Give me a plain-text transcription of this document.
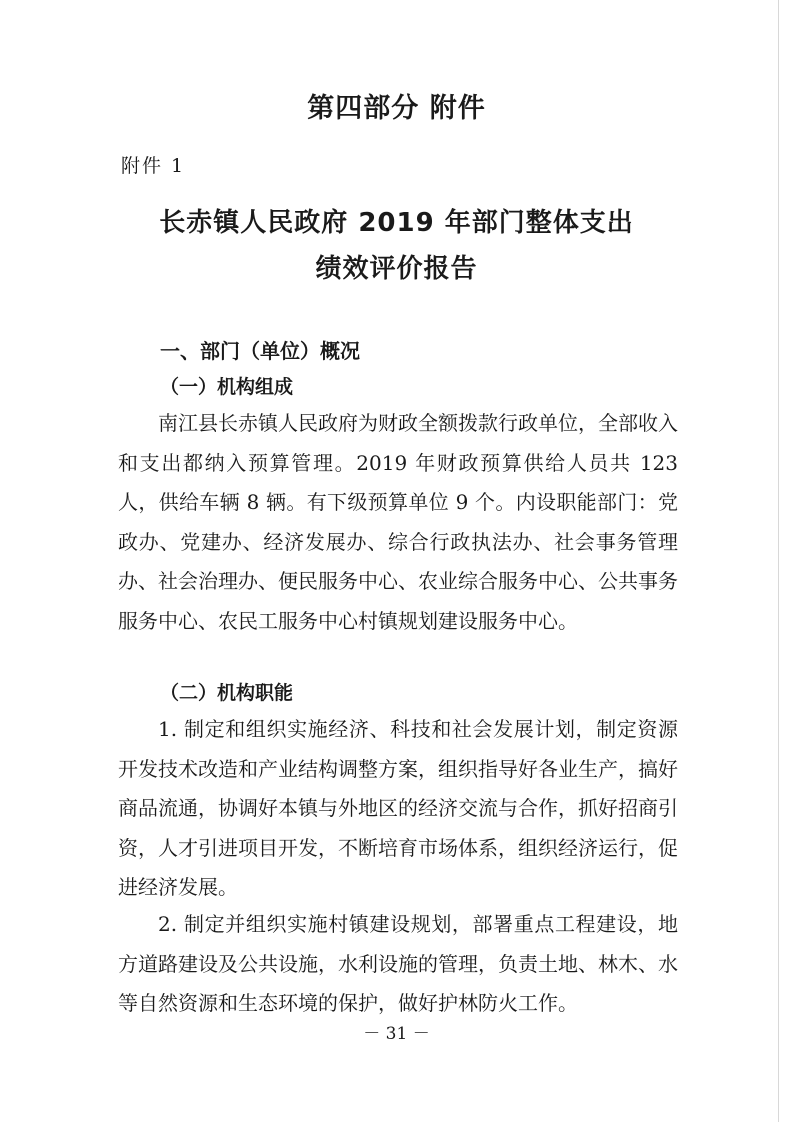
第四部分 附件
附件 1
长赤镇人民政府 2019 年部门整体支出
绩效评价报告
一、部门（单位）概况
（一）机构组成

南江县长赤镇人民政府为财政全额拨款行政单位，全部收入和支出都纳入预算管理。2019 年财政预算供给人员共 123 人，供给车辆 8 辆。有下级预算单位 9 个。内设职能部门：党政办、党建办、经济发展办、综合行政执法办、社会事务管理办、社会治理办、便民服务中心、农业综合服务中心、公共事务服务中心、农民工服务中心村镇规划建设服务中心。

（二）机构职能

1. 制定和组织实施经济、科技和社会发展计划，制定资源开发技术改造和产业结构调整方案，组织指导好各业生产，搞好商品流通，协调好本镇与外地区的经济交流与合作，抓好招商引资，人才引进项目开发，不断培育市场体系，组织经济运行，促进经济发展。

2. 制定并组织实施村镇建设规划，部署重点工程建设，地方道路建设及公共设施，水利设施的管理，负责土地、林木、水等自然资源和生态环境的保护，做好护林防火工作。

－ 31 －
